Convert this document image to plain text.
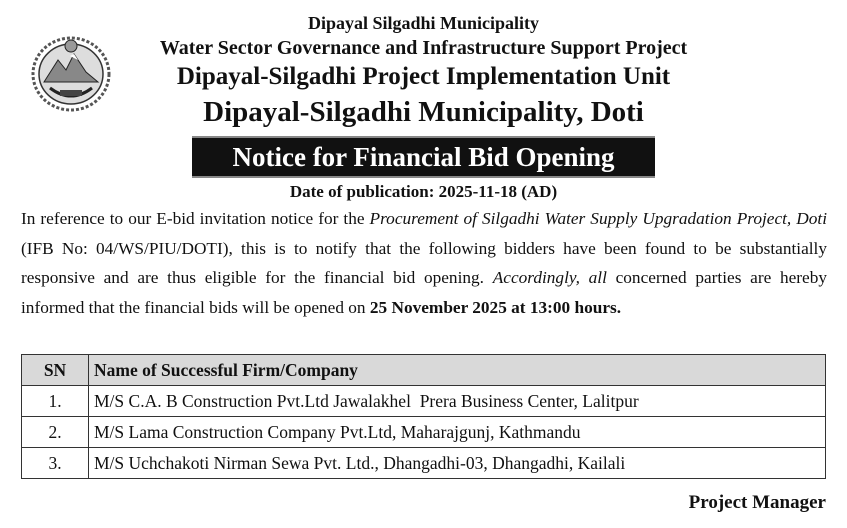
Dipayal Silgadhi Municipality
Water Sector Governance and Infrastructure Support Project
Dipayal-Silgadhi Project Implementation Unit
Dipayal-Silgadhi Municipality, Doti
Notice for Financial Bid Opening
Date of publication: 2025-11-18 (AD)
In reference to our E-bid invitation notice for the Procurement of Silgadhi Water Supply Upgradation Project, Doti (IFB No: 04/WS/PIU/DOTI), this is to notify that the following bidders have been found to be substantially responsive and are thus eligible for the financial bid opening. Accordingly, all concerned parties are hereby informed that the financial bids will be opened on 25 November 2025 at 13:00 hours.
SN	Name of Successful Firm/Company
1.	M/S C.A. B Construction Pvt.Ltd Jawalakhel  Prera Business Center, Lalitpur
2.	M/S Lama Construction Company Pvt.Ltd, Maharajgunj, Kathmandu
3.	M/S Uchchakoti Nirman Sewa Pvt. Ltd., Dhangadhi-03, Dhangadhi, Kailali
Project Manager
